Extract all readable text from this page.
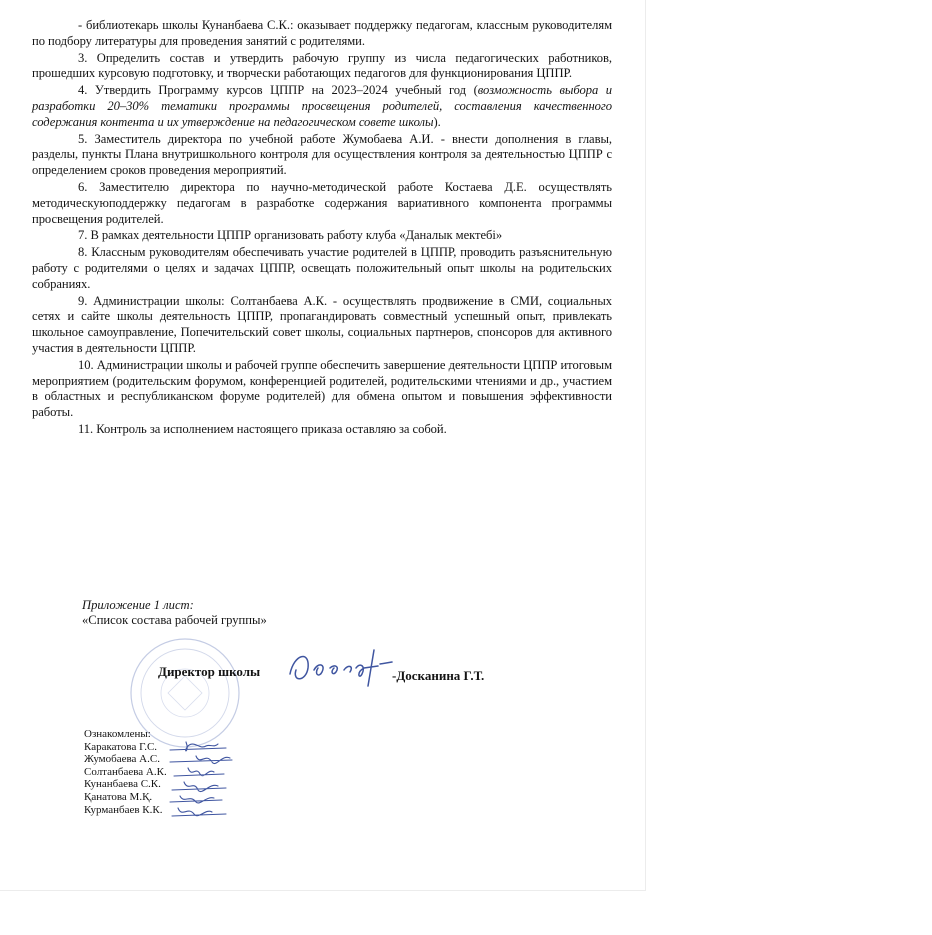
- библиотекарь школы Кунанбаева С.К.: оказывает поддержку педагогам, классным руководителям по подбору литературы для проведения занятий с родителями.

3. Определить состав и утвердить рабочую группу из числа педагогических работников, прошедших курсовую подготовку, и творчески работающих педагогов для функционирования ЦППР.

4. Утвердить Программу курсов ЦППР на 2023–2024 учебный год (возможность выбора и разработки 20–30% тематики программы просвещения родителей, составления качественного содержания контента и их утверждение на педагогическом совете школы).

5. Заместитель директора по учебной работе Жумобаева А.И. - внести дополнения в главы, разделы, пункты Плана внутришкольного контроля для осуществления контроля за деятельностью ЦППР с определением сроков проведения мероприятий.

6. Заместителю директора по научно-методической работе Костаева Д.Е. осуществлять методическуюподдержку педагогам в разработке содержания вариативного компонента программы просвещения родителей.

7. В рамках деятельности ЦППР организовать работу клуба «Даналык мектебі»

8. Классным руководителям обеспечивать участие родителей в ЦППР, проводить разъяснительную работу с родителями о целях и задачах ЦППР, освещать положительный опыт школы на родительских собраниях.

9. Администрации школы: Солтанбаева А.К. - осуществлять продвижение в СМИ, социальных сетях и сайте школы деятельность ЦППР, пропагандировать совместный успешный опыт, привлекать школьное самоуправление, Попечительский совет школы, социальных партнеров, спонсоров для активного участия в деятельности ЦППР.

10. Администрации школы и рабочей группе обеспечить завершение деятельности ЦППР итоговым мероприятием (родительским форумом, конференцией родителей, родительскими чтениями и др., участием в областных и республиканском форуме родителей) для обмена опытом и повышения эффективности работы.

11. Контроль за исполнением настоящего приказа оставляю за собой.

Приложение 1 лист:
«Список состава рабочей группы»
Директор школы	-Досканина Г.Т.
Ознакомлены:
Каракатова Г.С.
Жумобаева А.С.
Солтанбаева А.К.
Кунанбаева С.К.
Қанатова М.Қ.
Курманбаев К.К.
